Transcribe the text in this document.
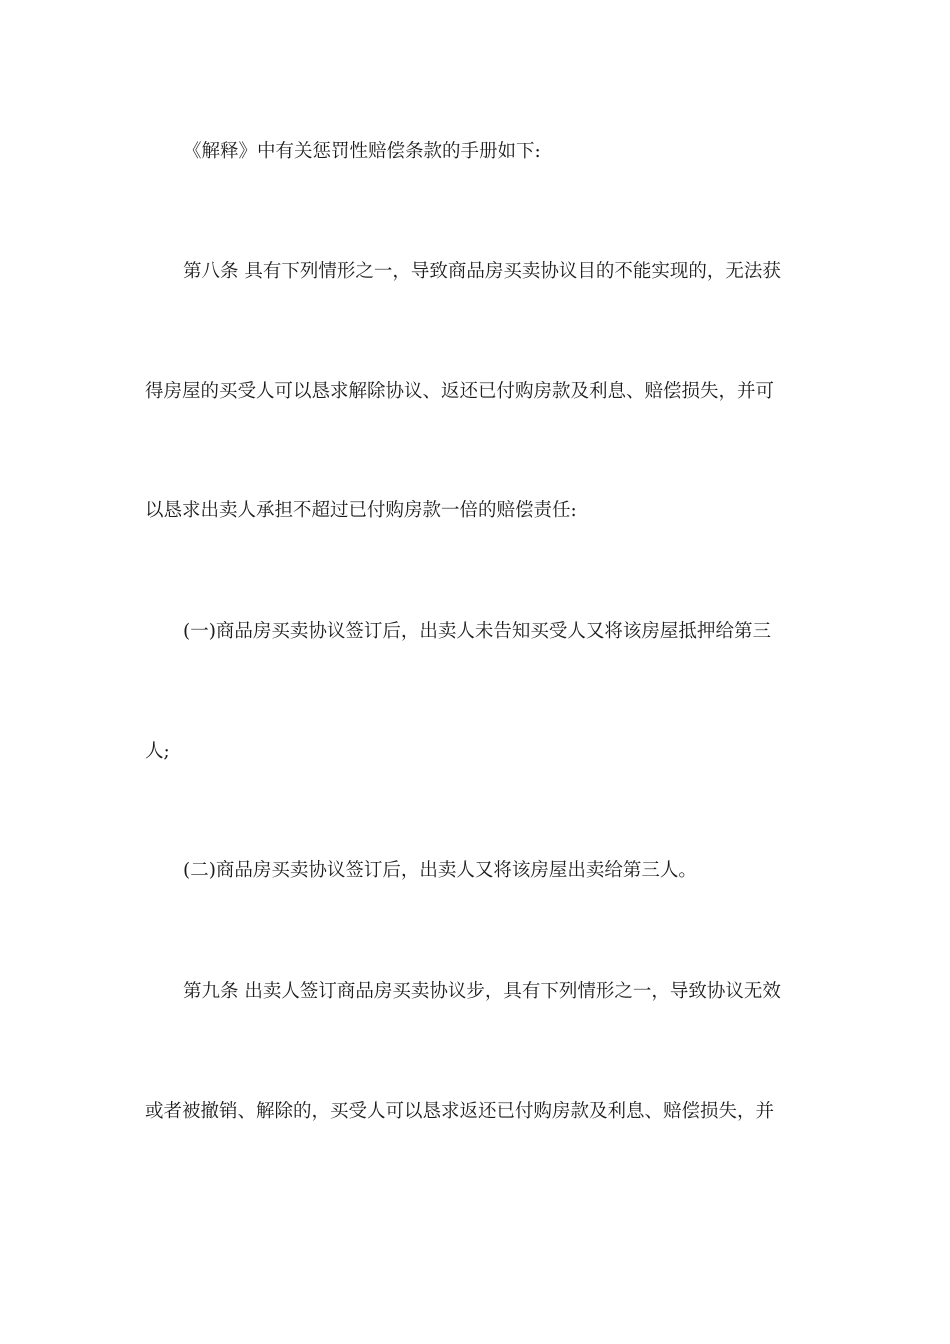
《解释》中有关惩罚性赔偿条款的手册如下:
第八条 具有下列情形之一，导致商品房买卖协议目的不能实现的，无法获
得房屋的买受人可以恳求解除协议、返还已付购房款及利息、赔偿损失，并可
以恳求出卖人承担不超过已付购房款一倍的赔偿责任:
(一)商品房买卖协议签订后，出卖人未告知买受人又将该房屋抵押给第三
人;
(二)商品房买卖协议签订后，出卖人又将该房屋出卖给第三人。
第九条 出卖人签订商品房买卖协议步，具有下列情形之一，导致协议无效
或者被撤销、解除的，买受人可以恳求返还已付购房款及利息、赔偿损失，并
